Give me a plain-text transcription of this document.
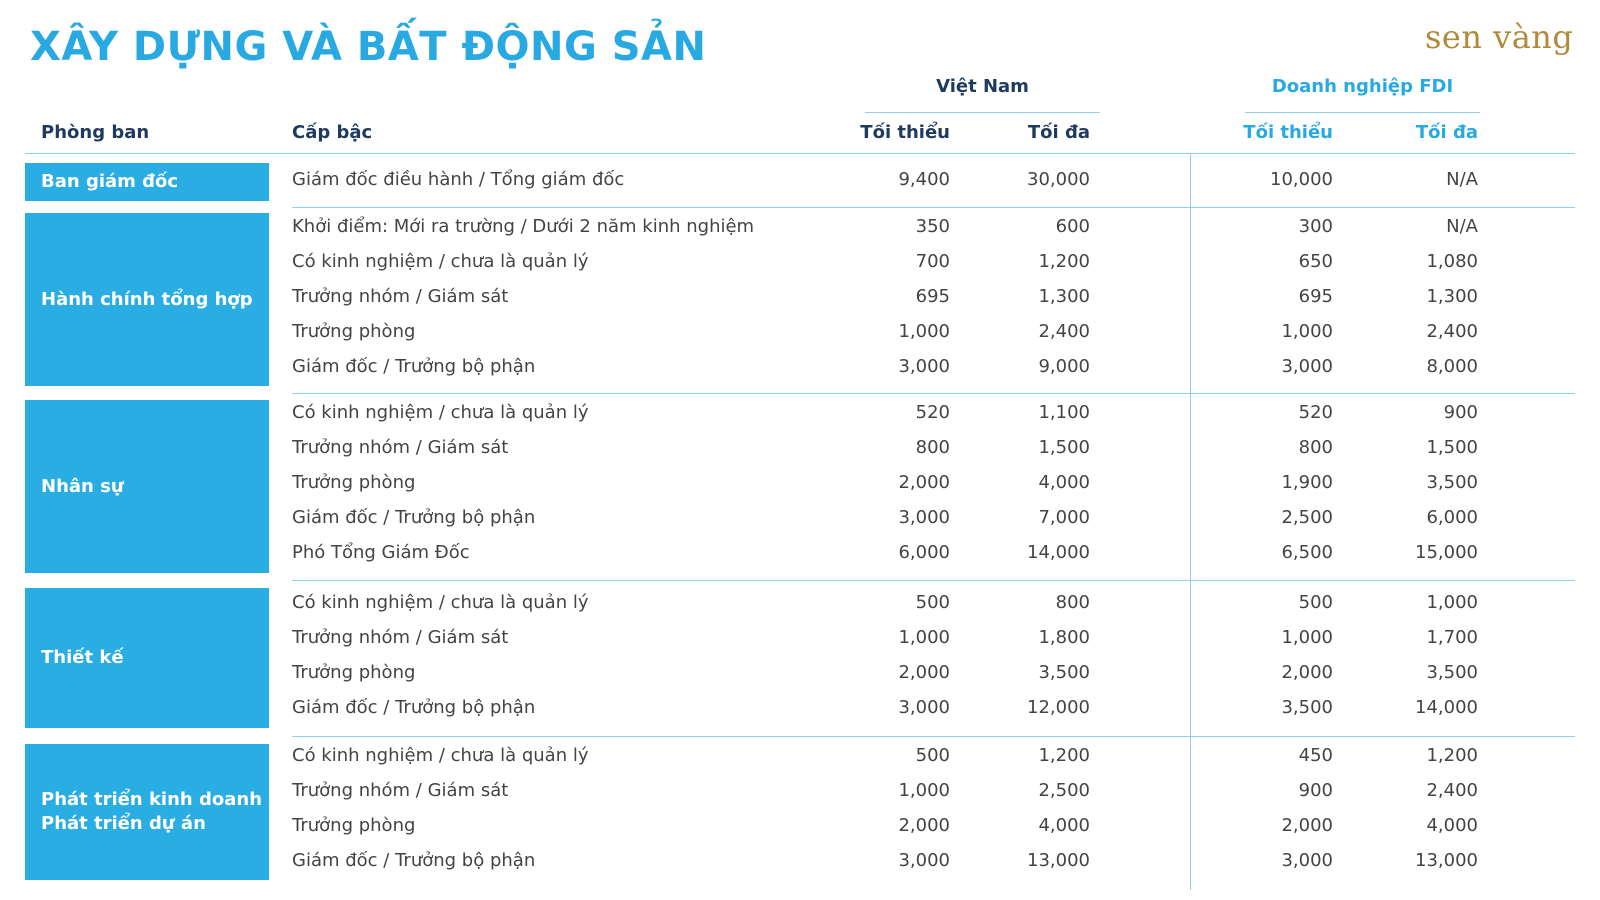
XÂY DỰNG VÀ BẤT ĐỘNG SẢN	sen vàng
Việt Nam	Doanh nghiệp FDI
Phòng ban	Cấp bậc	Tối thiểu	Tối đa	Tối thiểu	Tối đa
Ban giám đốc	Giám đốc điều hành / Tổng giám đốc	9,400	30,000	10,000	N/A
Hành chính tổng hợp
Khởi điểm: Mới ra trường / Dưới 2 năm kinh nghiệm	350	600	300	N/A
Có kinh nghiệm / chưa là quản lý	700	1,200	650	1,080
Trưởng nhóm / Giám sát	695	1,300	695	1,300
Trưởng phòng	1,000	2,400	1,000	2,400
Giám đốc / Trưởng bộ phận	3,000	9,000	3,000	8,000
Nhân sự
Có kinh nghiệm / chưa là quản lý	520	1,100	520	900
Trưởng nhóm / Giám sát	800	1,500	800	1,500
Trưởng phòng	2,000	4,000	1,900	3,500
Giám đốc / Trưởng bộ phận	3,000	7,000	2,500	6,000
Phó Tổng Giám Đốc	6,000	14,000	6,500	15,000
Thiết kế
Có kinh nghiệm / chưa là quản lý	500	800	500	1,000
Trưởng nhóm / Giám sát	1,000	1,800	1,000	1,700
Trưởng phòng	2,000	3,500	2,000	3,500
Giám đốc / Trưởng bộ phận	3,000	12,000	3,500	14,000
Phát triển kinh doanh
Phát triển dự án
Có kinh nghiệm / chưa là quản lý	500	1,200	450	1,200
Trưởng nhóm / Giám sát	1,000	2,500	900	2,400
Trưởng phòng	2,000	4,000	2,000	4,000
Giám đốc / Trưởng bộ phận	3,000	13,000	3,000	13,000
